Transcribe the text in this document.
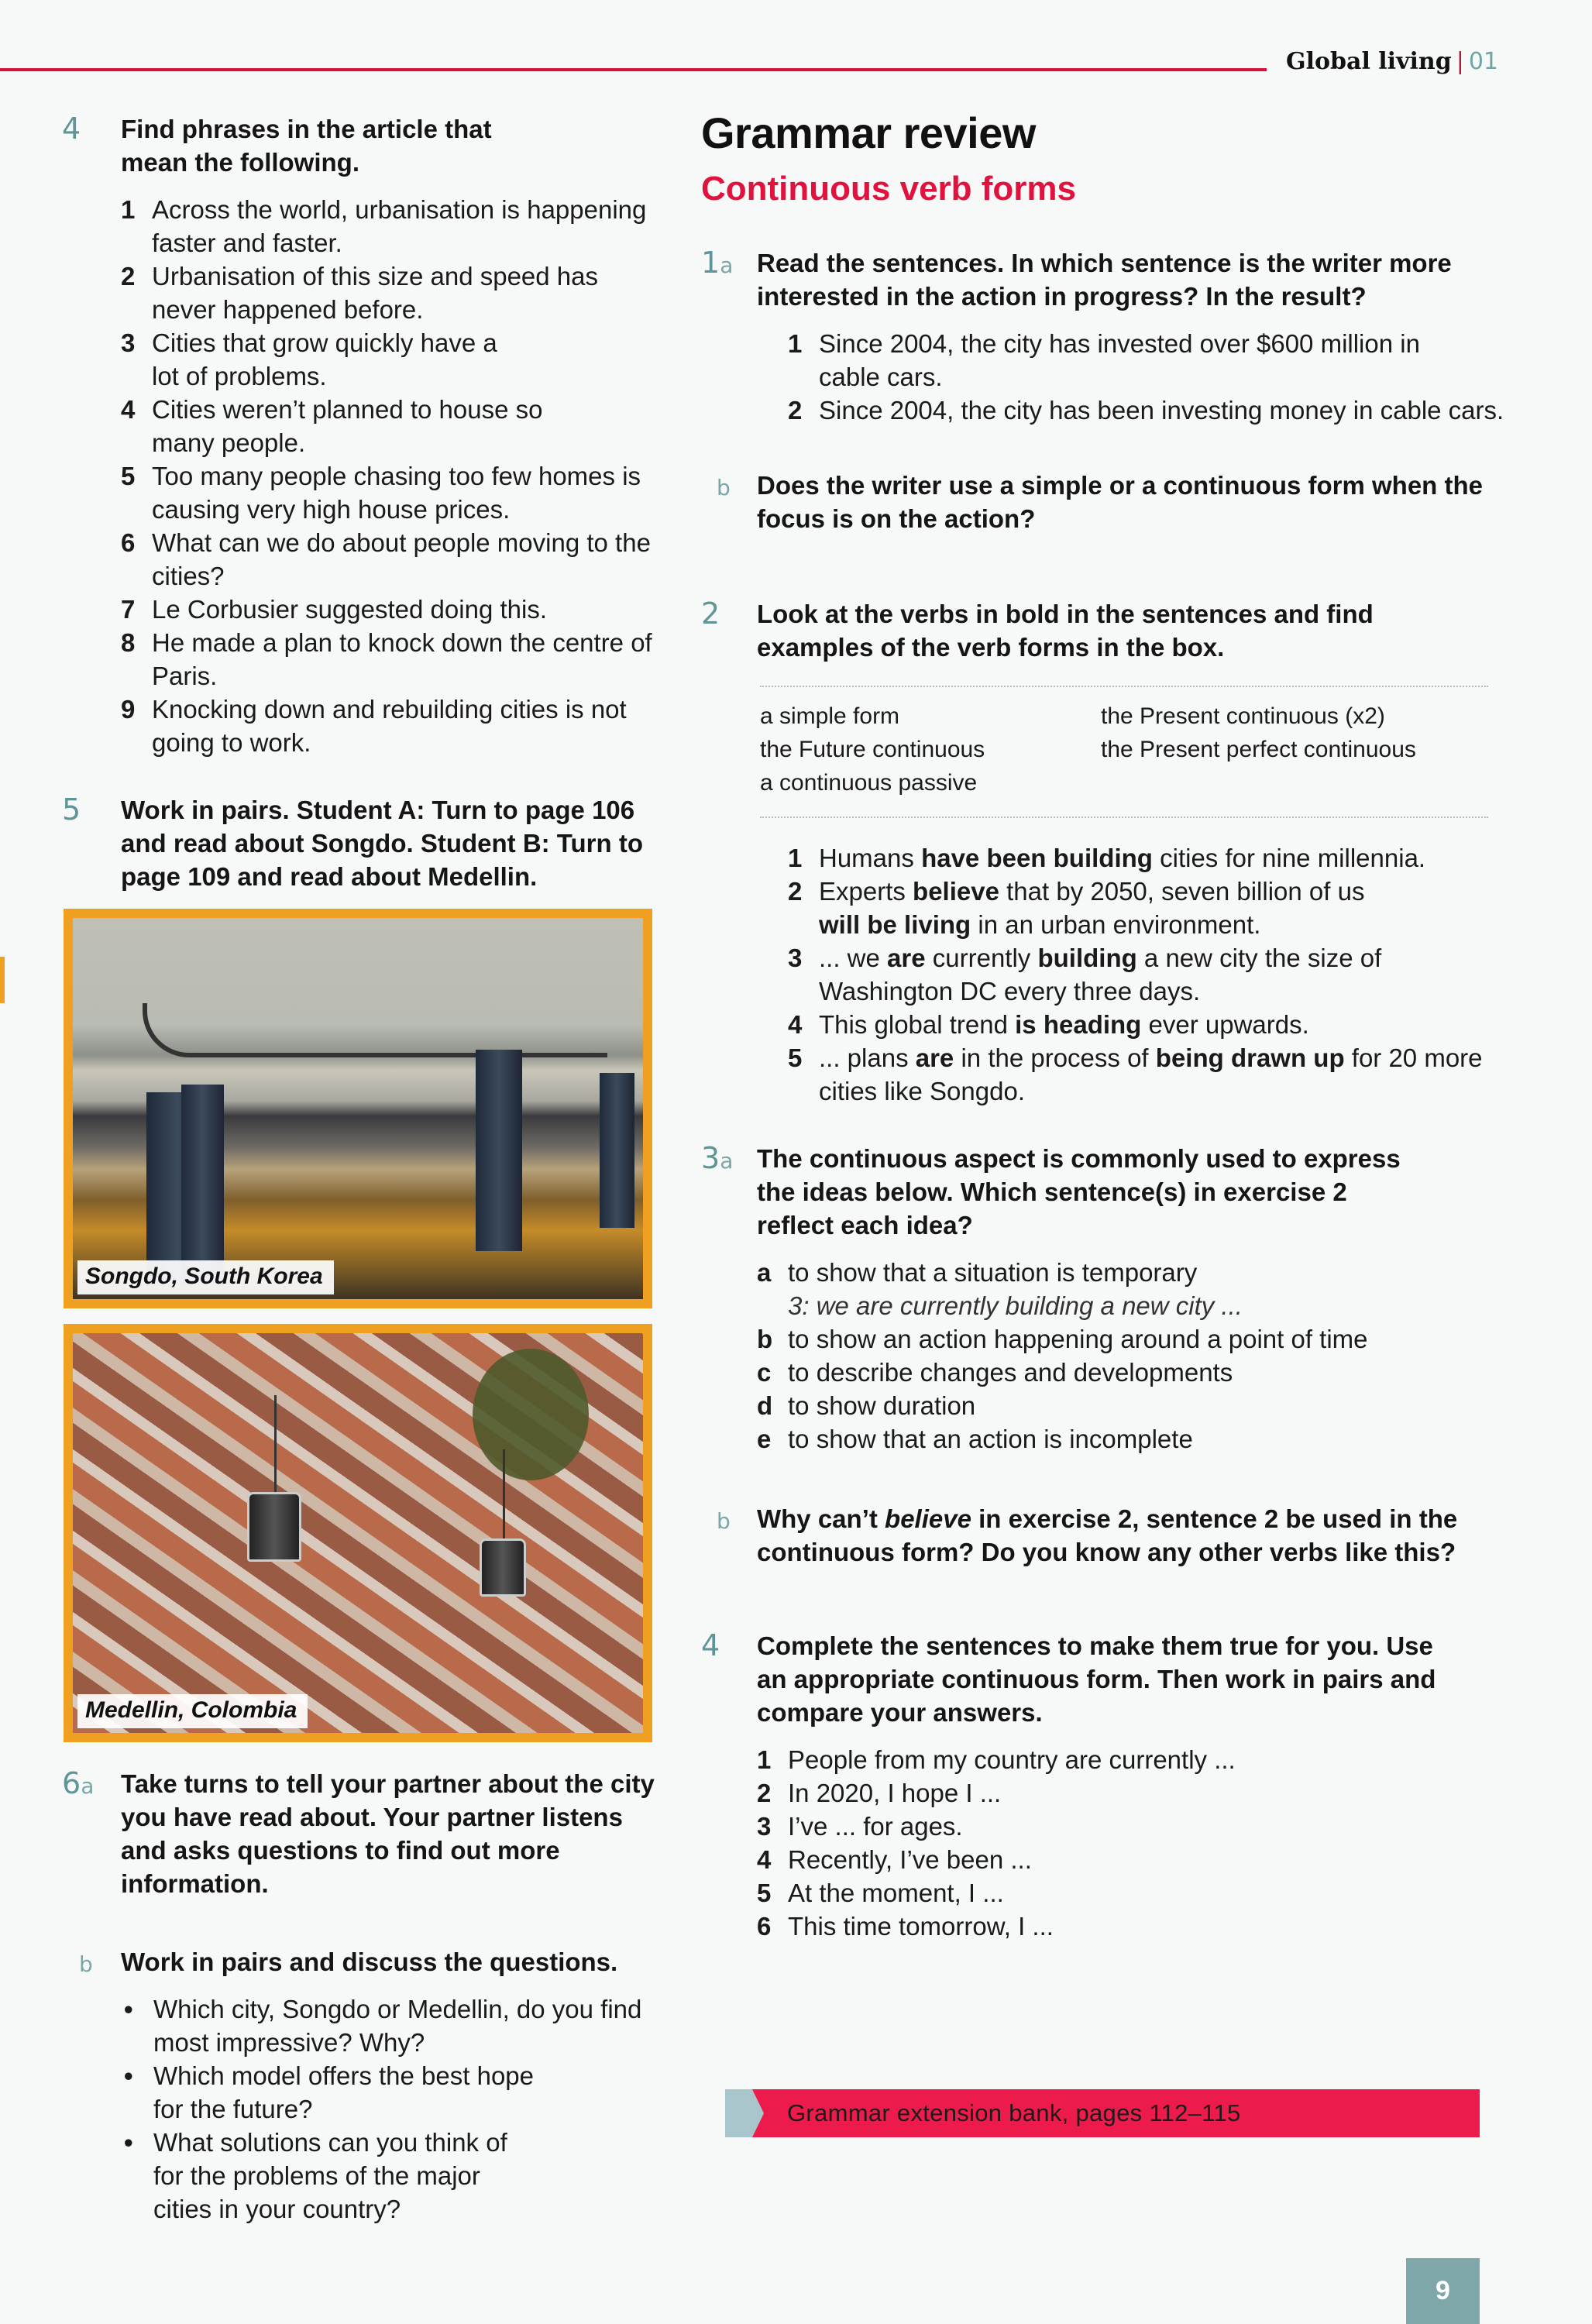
Global living | 01
4 Find phrases in the article that mean the following.
1 Across the world, urbanisation is happening faster and faster.
2 Urbanisation of this size and speed has never happened before.
3 Cities that grow quickly have a lot of problems.
4 Cities weren’t planned to house so many people.
5 Too many people chasing too few homes is causing very high house prices.
6 What can we do about people moving to the cities?
7 Le Corbusier suggested doing this.
8 He made a plan to knock down the centre of Paris.
9 Knocking down and rebuilding cities is not going to work.
5 Work in pairs. Student A: Turn to page 106 and read about Songdo. Student B: Turn to page 109 and read about Medellin.
Songdo, South Korea
Medellin, Colombia
6a Take turns to tell your partner about the city you have read about. Your partner listens and asks questions to find out more information.
b Work in pairs and discuss the questions.
• Which city, Songdo or Medellin, do you find most impressive? Why?
• Which model offers the best hope for the future?
• What solutions can you think of for the problems of the major cities in your country?
Grammar review
Continuous verb forms
1a Read the sentences. In which sentence is the writer more interested in the action in progress? In the result?
1 Since 2004, the city has invested over $600 million in cable cars.
2 Since 2004, the city has been investing money in cable cars.
b Does the writer use a simple or a continuous form when the focus is on the action?
2 Look at the verbs in bold in the sentences and find examples of the verb forms in the box.
a simple form	the Present continuous (x2)
the Future continuous	the Present perfect continuous
a continuous passive
1 Humans have been building cities for nine millennia.
2 Experts believe that by 2050, seven billion of us will be living in an urban environment.
3 ... we are currently building a new city the size of Washington DC every three days.
4 This global trend is heading ever upwards.
5 ... plans are in the process of being drawn up for 20 more cities like Songdo.
3a The continuous aspect is commonly used to express the ideas below. Which sentence(s) in exercise 2 reflect each idea?
a to show that a situation is temporary
3: we are currently building a new city ...
b to show an action happening around a point of time
c to describe changes and developments
d to show duration
e to show that an action is incomplete
b Why can’t believe in exercise 2, sentence 2 be used in the continuous form? Do you know any other verbs like this?
4 Complete the sentences to make them true for you. Use an appropriate continuous form. Then work in pairs and compare your answers.
1 People from my country are currently ...
2 In 2020, I hope I ...
3 I’ve ... for ages.
4 Recently, I’ve been ...
5 At the moment, I ...
6 This time tomorrow, I ...
Grammar extension bank, pages 112–115
9
